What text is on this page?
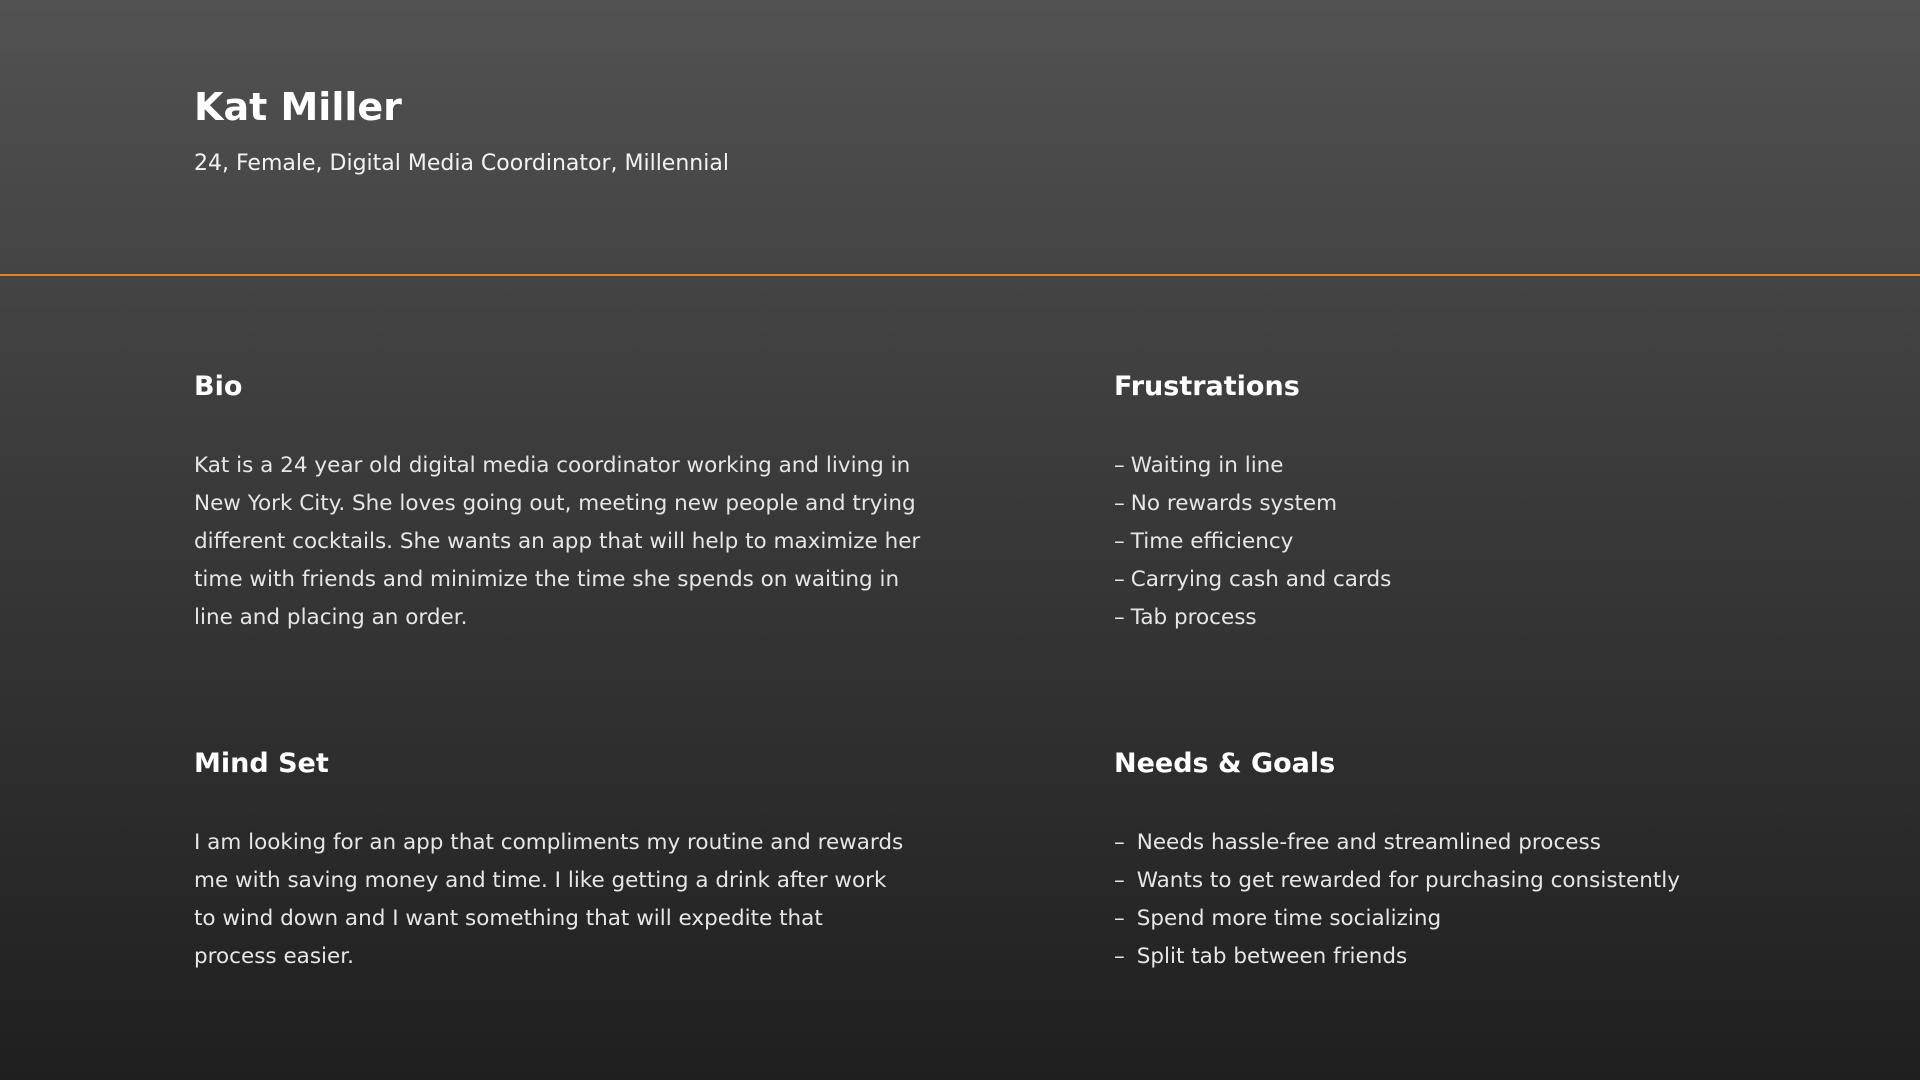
Kat Miller
24, Female, Digital Media Coordinator, Millennial
Bio
Kat is a 24 year old digital media coordinator working and living in
New York City. She loves going out, meeting new people and trying
different cocktails. She wants an app that will help to maximize her
time with friends and minimize the time she spends on waiting in
line and placing an order.
Frustrations
– Waiting in line
– No rewards system
– Time efficiency
– Carrying cash and cards
– Tab process
Mind Set
I am looking for an app that compliments my routine and rewards
me with saving money and time. I like getting a drink after work
to wind down and I want something that will expedite that
process easier.
Needs & Goals
– Needs hassle-free and streamlined process
– Wants to get rewarded for purchasing consistently
– Spend more time socializing
– Split tab between friends
